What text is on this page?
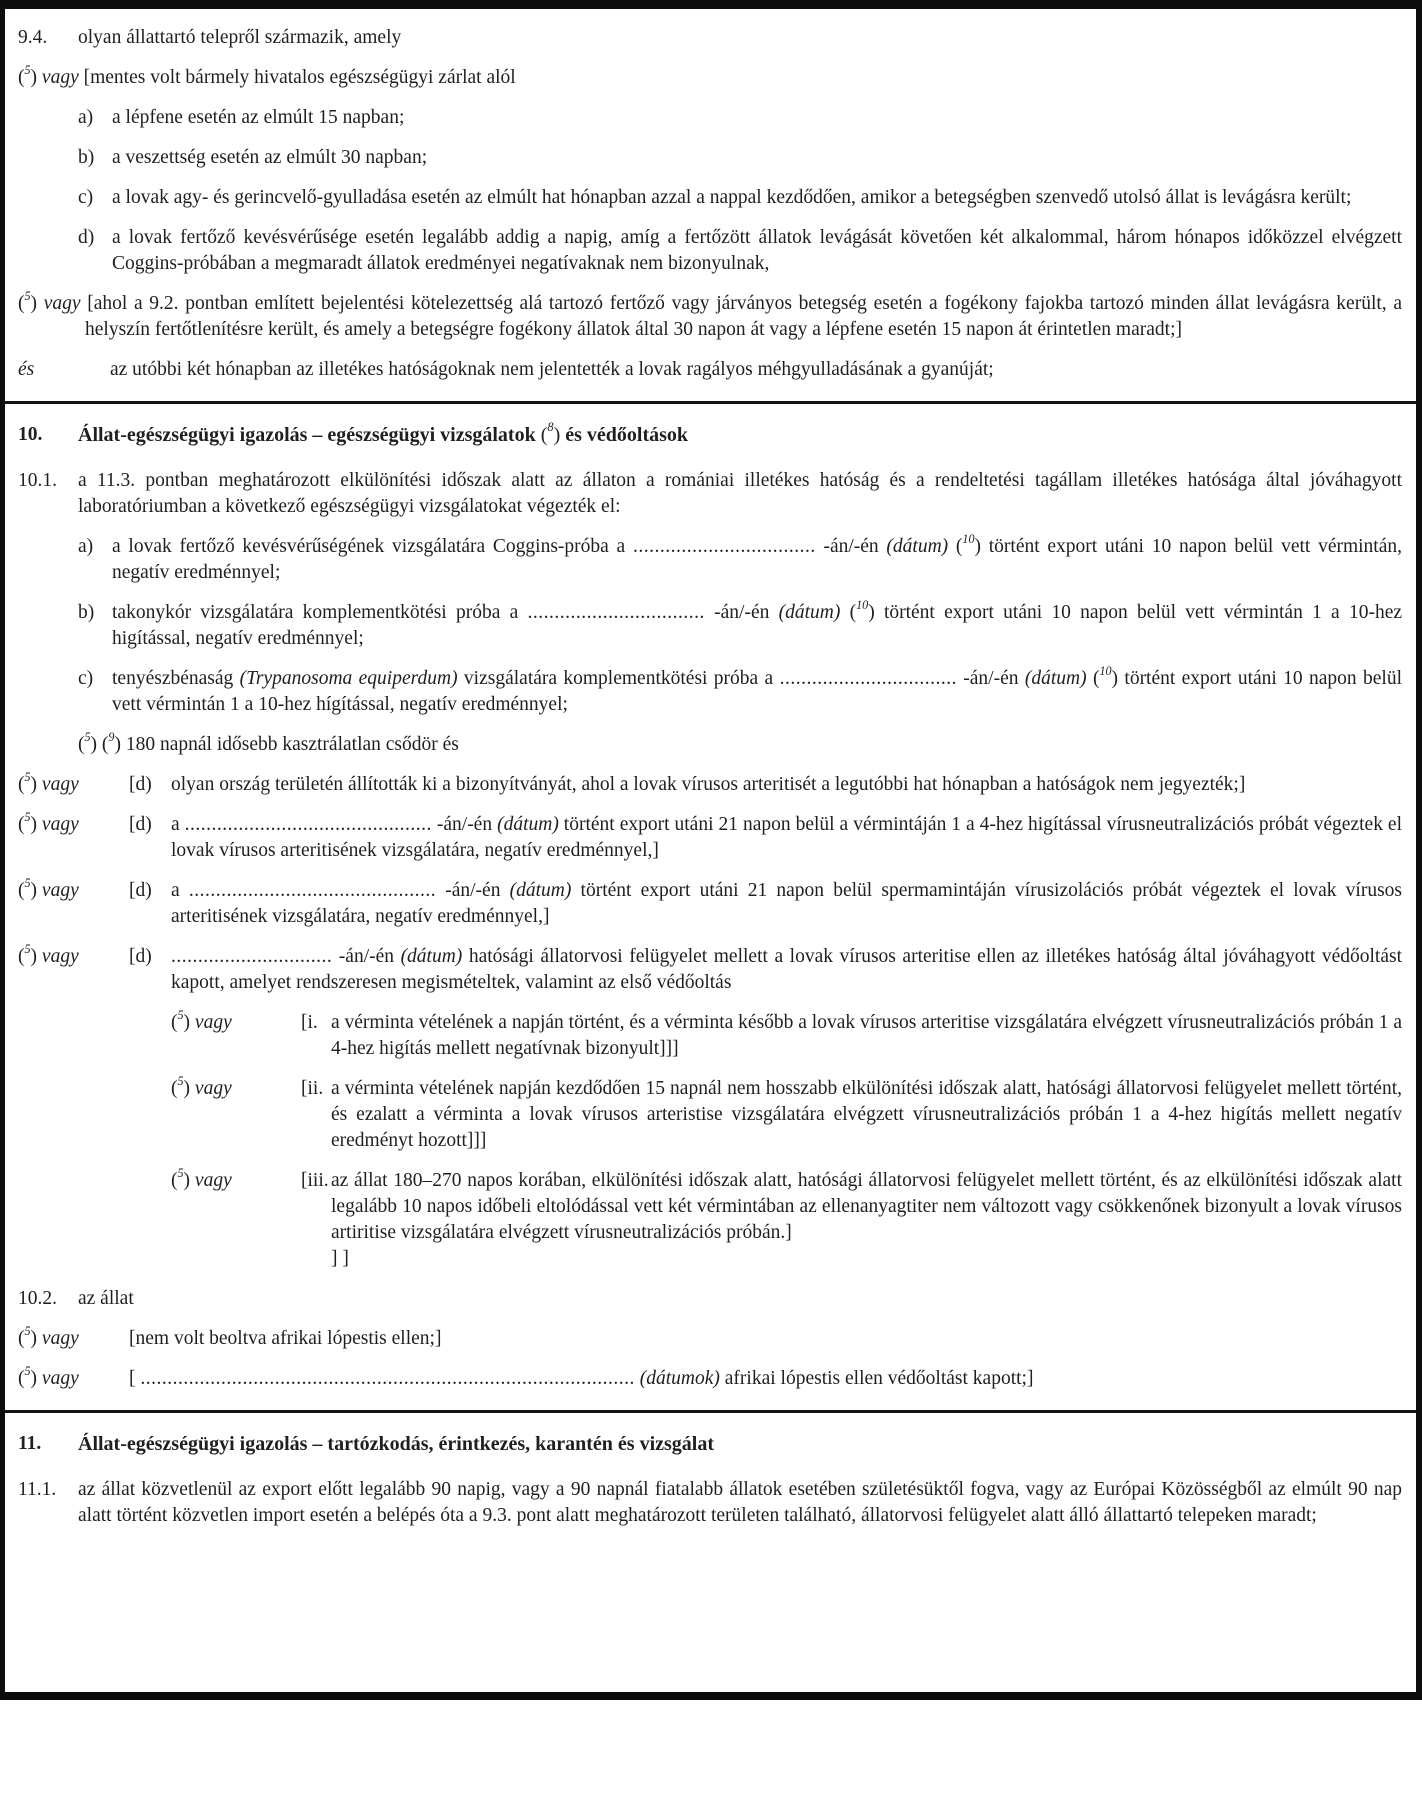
9.4.	olyan állattartó telepről származik, amely
($^5$) vagy [mentes volt bármely hivatalos egészségügyi zárlat alól
a) a lépfene esetén az elmúlt 15 napban;
b) a veszettség esetén az elmúlt 30 napban;
c) a lovak agy- és gerincvelő-gyulladása esetén az elmúlt hat hónapban azzal a nappal kezdődően, amikor a betegségben szenvedő utolsó állat is levágásra került;
d) a lovak fertőző kevésvérűsége esetén legalább addig a napig, amíg a fertőzött állatok levágását követően két alkalommal, három hónapos időközzel elvégzett Coggins-próbában a megmaradt állatok eredményei negatívaknak nem bizonyulnak,
($^5$) vagy [ahol a 9.2. pontban említett bejelentési kötelezettség alá tartozó fertőző vagy járványos betegség esetén a fogékony fajokba tartozó minden állat levágásra került, a helyszín fertőtlenítésre került, és amely a betegségre fogékony állatok által 30 napon át vagy a lépfene esetén 15 napon át érintetlen maradt;]
és	az utóbbi két hónapban az illetékes hatóságoknak nem jelentették a lovak ragályos méhgyulladásának a gyanúját;
10.	Állat-egészségügyi igazolás – egészségügyi vizsgálatok ($^8$) és védőoltások
10.1.	a 11.3. pontban meghatározott elkülönítési időszak alatt az állaton a romániai illetékes hatóság és a rendeltetési tagállam illetékes hatósága által jóváhagyott laboratóriumban a következő egészségügyi vizsgálatokat végezték el:
a) a lovak fertőző kevésvérűségének vizsgálatára Coggins-próba a .................................. -án/-én (dátum) ($^{10}$) történt export utáni 10 napon belül vett vérmintán, negatív eredménnyel;
b) takonykór vizsgálatára komplementkötési próba a ................................. -án/-én (dátum) ($^{10}$) történt export utáni 10 napon belül vett vérmintán 1 a 10-hez higítással, negatív eredménnyel;
c) tenyészbénaság (Trypanosoma equiperdum) vizsgálatára komplementkötési próba a ................................. -án/-én (dátum) ($^{10}$) történt export utáni 10 napon belül vett vérmintán 1 a 10-hez hígítással, negatív eredménnyel;
($^5$) ($^9$) 180 napnál idősebb kasztrálatlan csődör és
($^5$) vagy	[d) olyan ország területén állították ki a bizonyítványát, ahol a lovak vírusos arteritisét a legutóbbi hat hónapban a hatóságok nem jegyezték;]
($^5$) vagy	[d) a .............................................. -án/-én (dátum) történt export utáni 21 napon belül a vérmintáján 1 a 4-hez higítással vírusneutralizációs próbát végeztek el lovak vírusos arteritisének vizsgálatára, negatív eredménnyel,]
($^5$) vagy	[d) a .............................................. -án/-én (dátum) történt export utáni 21 napon belül spermamintáján vírusizolációs próbát végeztek el lovak vírusos arteritisének vizsgálatára, negatív eredménnyel,]
($^5$) vagy	[d) .............................. -án/-én (dátum) hatósági állatorvosi felügyelet mellett a lovak vírusos arteritise ellen az illetékes hatóság által jóváhagyott védőoltást kapott, amelyet rendszeresen megismételtek, valamint az első védőoltás
($^5$) vagy	[i. a vérminta vételének a napján történt, és a vérminta később a lovak vírusos arteritise vizsgálatára elvégzett vírusneutralizációs próbán 1 a 4-hez higítás mellett negatívnak bizonyult]]]
($^5$) vagy	[ii. a vérminta vételének napján kezdődően 15 napnál nem hosszabb elkülönítési időszak alatt, hatósági állatorvosi felügyelet mellett történt, és ezalatt a vérminta a lovak vírusos arteristise vizsgálatára elvégzett vírusneutralizációs próbán 1 a 4-hez higítás mellett negatív eredményt hozott]]]
($^5$) vagy	[iii. az állat 180–270 napos korában, elkülönítési időszak alatt, hatósági állatorvosi felügyelet mellett történt, és az elkülönítési időszak alatt legalább 10 napos időbeli eltolódással vett két vérmintában az ellenanyagtiter nem változott vagy csökkenőnek bizonyult a lovak vírusos artiritise vizsgálatára elvégzett vírusneutralizációs próbán.]
] ]
10.2.	az állat
($^5$) vagy	[nem volt beoltva afrikai lópestis ellen;]
($^5$) vagy	[ ............................................................................................ (dátumok) afrikai lópestis ellen védőoltást kapott;]
11.	Állat-egészségügyi igazolás – tartózkodás, érintkezés, karantén és vizsgálat
11.1.	az állat közvetlenül az export előtt legalább 90 napig, vagy a 90 napnál fiatalabb állatok esetében születésüktől fogva, vagy az Európai Közösségből az elmúlt 90 nap alatt történt közvetlen import esetén a belépés óta a 9.3. pont alatt meghatározott területen található, állatorvosi felügyelet alatt álló állattartó telepeken maradt;
